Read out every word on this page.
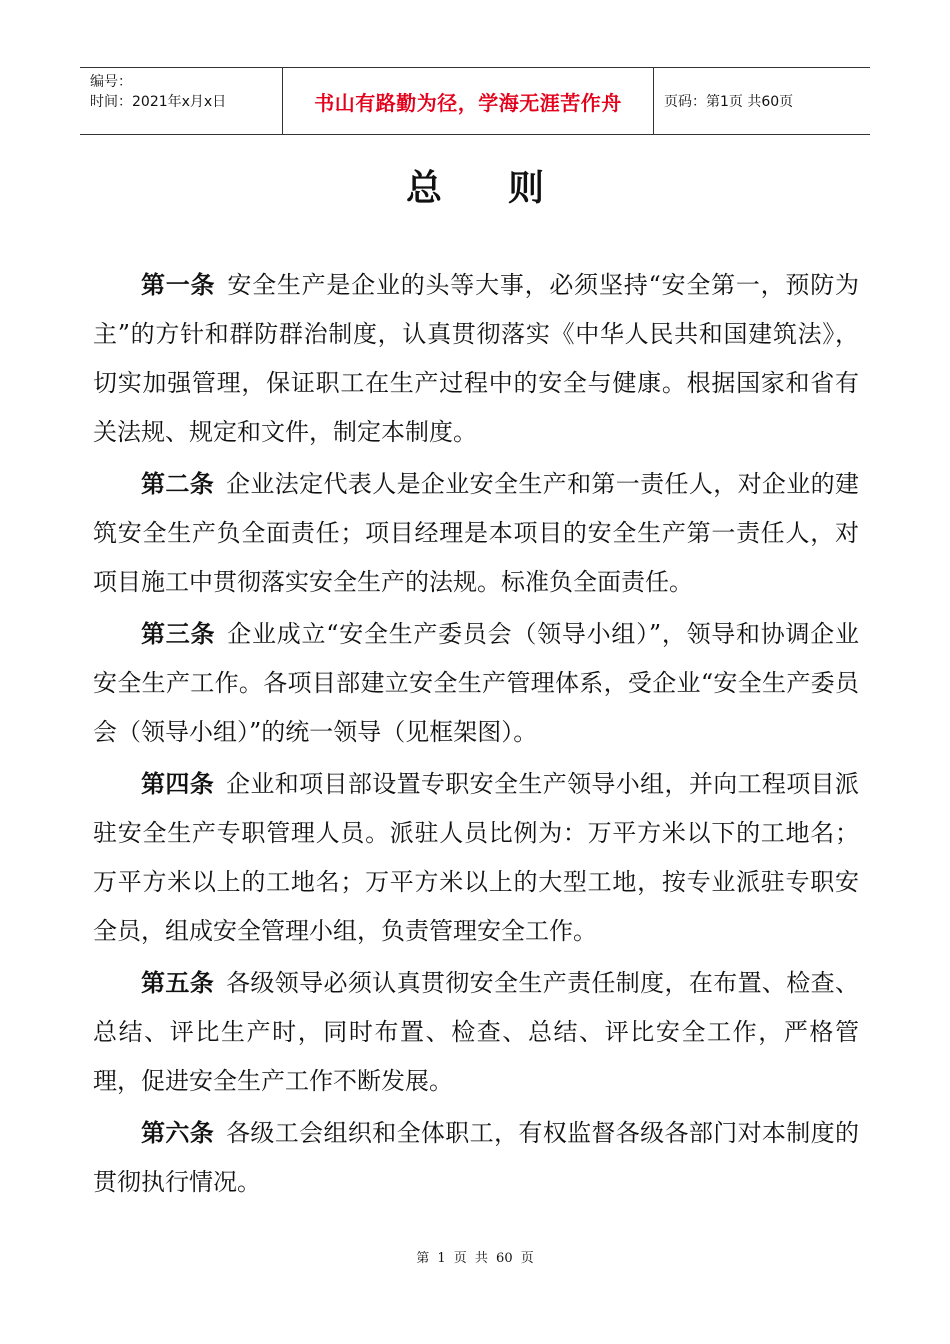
编号：
时间：2021年x月x日	书山有路勤为径，学海无涯苦作舟	页码：第1页 共60页
总则

第一条 安全生产是企业的头等大事，必须坚持“安全第一，预防为主”的方针和群防群治制度，认真贯彻落实《中华人民共和国建筑法》，切实加强管理，保证职工在生产过程中的安全与健康。根据国家和省有关法规、规定和文件，制定本制度。

第二条 企业法定代表人是企业安全生产和第一责任人，对企业的建筑安全生产负全面责任；项目经理是本项目的安全生产第一责任人，对项目施工中贯彻落实安全生产的法规。标准负全面责任。

第三条 企业成立“安全生产委员会（领导小组）”，领导和协调企业安全生产工作。各项目部建立安全生产管理体系，受企业“安全生产委员会（领导小组）”的统一领导（见框架图）。

第四条 企业和项目部设置专职安全生产领导小组，并向工程项目派驻安全生产专职管理人员。派驻人员比例为：万平方米以下的工地名；万平方米以上的工地名；万平方米以上的大型工地，按专业派驻专职安全员，组成安全管理小组，负责管理安全工作。

第五条 各级领导必须认真贯彻安全生产责任制度，在布置、检查、总结、评比生产时，同时布置、检查、总结、评比安全工作，严格管理，促进安全生产工作不断发展。

第六条 各级工会组织和全体职工，有权监督各级各部门对本制度的贯彻执行情况。

第 1 页 共 60 页
